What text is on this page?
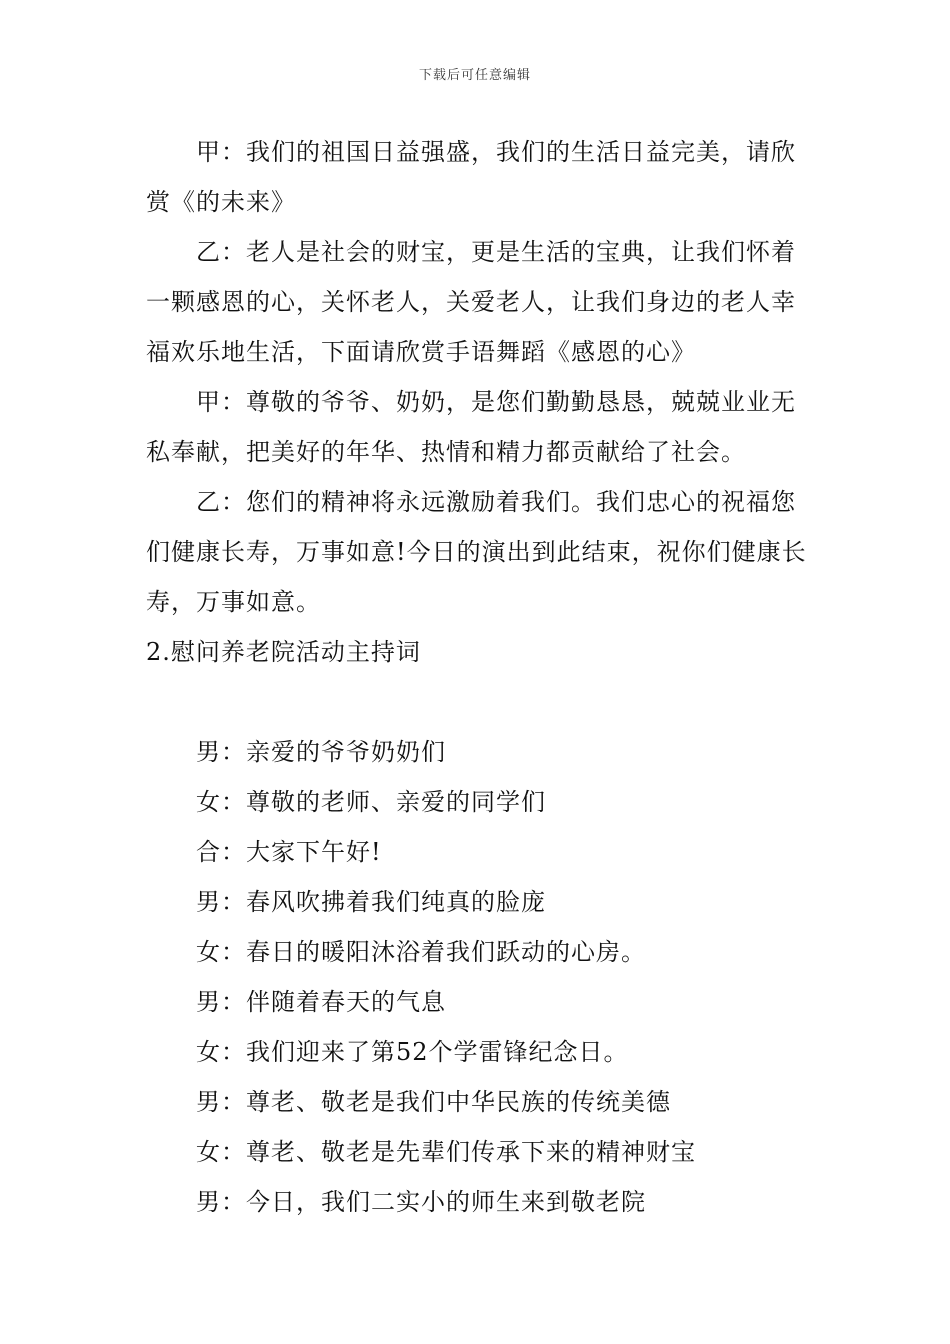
下载后可任意编辑

甲：我们的祖国日益强盛，我们的生活日益完美，请欣赏《的未来》

乙：老人是社会的财宝，更是生活的宝典，让我们怀着一颗感恩的心，关怀老人，关爱老人，让我们身边的老人幸福欢乐地生活，下面请欣赏手语舞蹈《感恩的心》

甲：尊敬的爷爷、奶奶，是您们勤勤恳恳，兢兢业业无私奉献，把美好的年华、热情和精力都贡献给了社会。

乙：您们的精神将永远激励着我们。我们忠心的祝福您们健康长寿，万事如意!今日的演出到此结束，祝你们健康长寿，万事如意。

2.慰问养老院活动主持词

男：亲爱的爷爷奶奶们

女：尊敬的老师、亲爱的同学们

合：大家下午好!

男：春风吹拂着我们纯真的脸庞

女：春日的暖阳沐浴着我们跃动的心房。

男：伴随着春天的气息

女：我们迎来了第52个学雷锋纪念日。

男：尊老、敬老是我们中华民族的传统美德

女：尊老、敬老是先辈们传承下来的精神财宝

男：今日，我们二实小的师生来到敬老院
